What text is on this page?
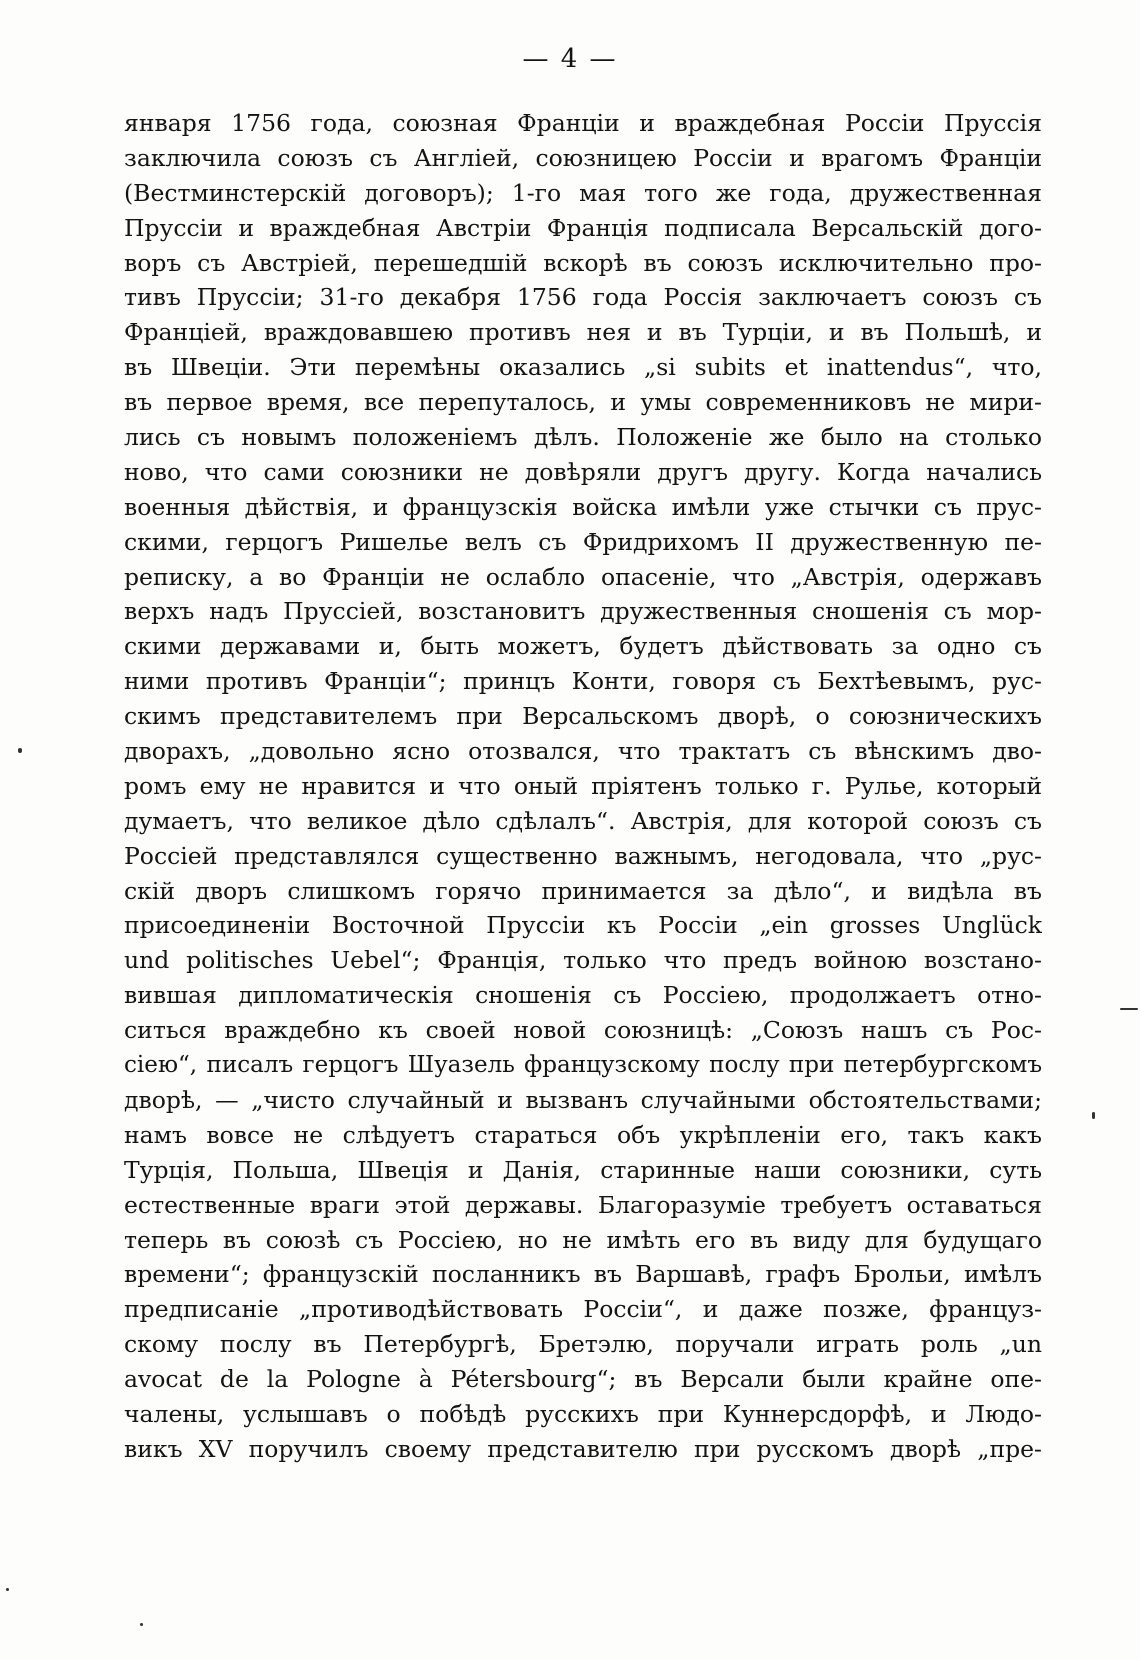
— 4 —
января 1756 года, союзная Франціи и враждебная Россіи Пруссія
заключила союзъ съ Англіей, союзницею Россіи и врагомъ Франціи
(Вестминстерскій договоръ); 1-го мая того же года, дружественная
Пруссіи и враждебная Австріи Франція подписала Версальскій дого-
воръ съ Австріей, перешедшій вскорѣ въ союзъ исключительно про-
тивъ Пруссіи; 31-го декабря 1756 года Россія заключаетъ союзъ съ
Франціей, враждовавшею противъ нея и въ Турціи, и въ Польшѣ, и
въ Швеціи. Эти перемѣны оказались „si subits et inattendus“, что,
въ первое время, все перепуталось, и умы современниковъ не мири-
лись съ новымъ положеніемъ дѣлъ. Положеніе же было на столько
ново, что сами союзники не довѣряли другъ другу. Когда начались
военныя дѣйствія, и французскія войска имѣли уже стычки съ прус-
скими, герцогъ Ришелье велъ съ Фридрихомъ II дружественную пе-
реписку, а во Франціи не ослабло опасеніе, что „Австрія, одержавъ
верхъ надъ Пруссіей, возстановитъ дружественныя сношенія съ мор-
скими державами и, быть можетъ, будетъ дѣйствовать за одно съ
ними противъ Франціи“; принцъ Конти, говоря съ Бехтѣевымъ, рус-
скимъ представителемъ при Версальскомъ дворѣ, о союзническихъ
дворахъ, „довольно ясно отозвался, что трактатъ съ вѣнскимъ дво-
ромъ ему не нравится и что оный пріятенъ только г. Рулье, который
думаетъ, что великое дѣло сдѣлалъ“. Австрія, для которой союзъ съ
Россіей представлялся существенно важнымъ, негодовала, что „рус-
скій дворъ слишкомъ горячо принимается за дѣло“, и видѣла въ
присоединеніи Восточной Пруссіи къ Россіи „ein grosses Unglück
und politisches Uebel“; Франція, только что предъ войною возстано-
вившая дипломатическія сношенія съ Россіею, продолжаетъ отно-
ситься враждебно къ своей новой союзницѣ: „Союзъ нашъ съ Рос-
сіею“, писалъ герцогъ Шуазель французскому послу при петербургскомъ
дворѣ, — „чисто случайный и вызванъ случайными обстоятельствами;
намъ вовсе не слѣдуетъ стараться объ укрѣпленіи его, такъ какъ
Турція, Польша, Швеція и Данія, старинные наши союзники, суть
естественные враги этой державы. Благоразуміе требуетъ оставаться
теперь въ союзѣ съ Россіею, но не имѣть его въ виду для будущаго
времени“; французскій посланникъ въ Варшавѣ, графъ Брольи, имѣлъ
предписаніе „противодѣйствовать Россіи“, и даже позже, француз-
скому послу въ Петербургѣ, Бретэлю, поручали играть роль „un
avocat de la Pologne à Pétersbourg“; въ Версали были крайне опе-
чалены, услышавъ о побѣдѣ русскихъ при Куннерсдорфѣ, и Людо-
викъ XV поручилъ своему представителю при русскомъ дворѣ „пре-
